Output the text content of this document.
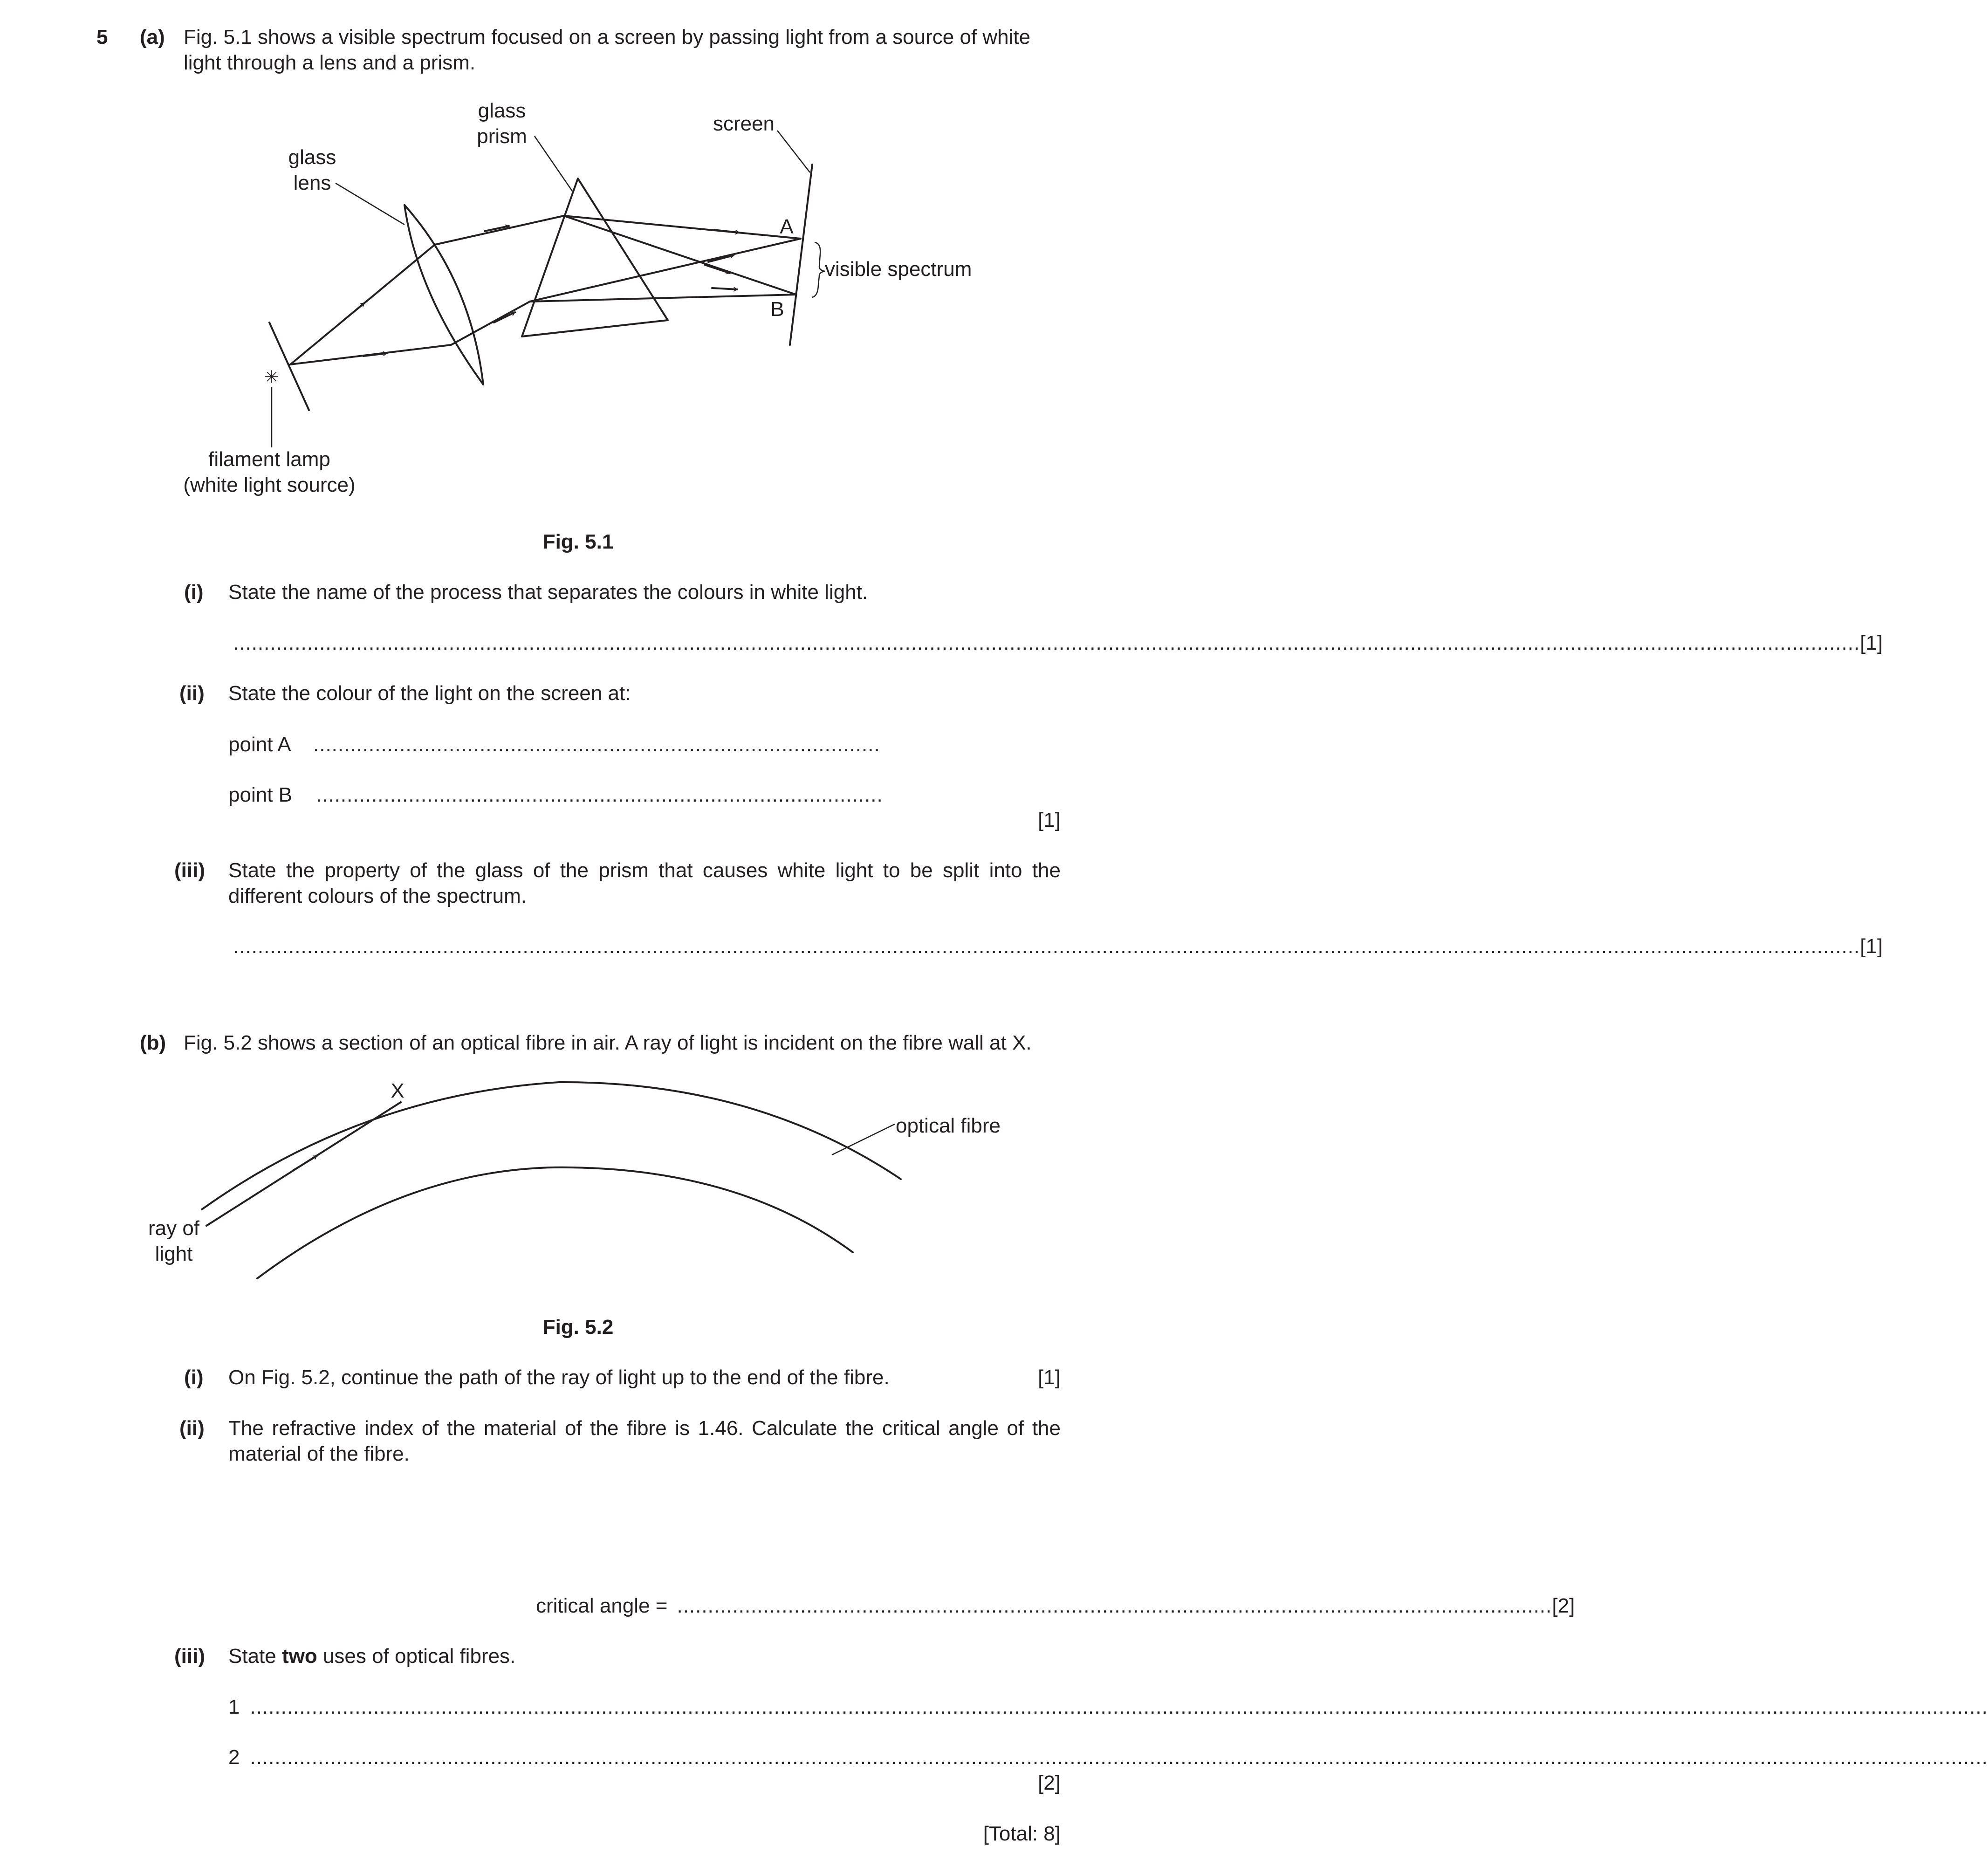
5 (a) Fig. 5.1 shows a visible spectrum focused on a screen by passing light from a source of white
light through a lens and a prism.
glass
prism
screen
glass
lens
A
B
visible spectrum
✳
filament lamp
(white light source)
Fig. 5.1
(i) State the name of the process that separates the colours in white light.
........................................................................................................................................................................................................................................................................ [1]
(ii) State the colour of the light on the screen at:
point A ............................................................................................
point B ............................................................................................
[1]
(iii) State the property of the glass of the prism that causes white light to be split into the
different colours of the spectrum.
........................................................................................................................................................................................................................................................................ [1]
(b) Fig. 5.2 shows a section of an optical fibre in air. A ray of light is incident on the fibre wall at X.
X
optical fibre
ray of
light
Fig. 5.2
(i) On Fig. 5.2, continue the path of the ray of light up to the end of the fibre.	[1]
(ii) The refractive index of the material of the fibre is 1.46. Calculate the critical angle of the
material of the fibre.
critical angle = .............................................................................................................................................. [2]
(iii) State two uses of optical fibres.
1 ..........................................................................................................................................................................................................................................................................................
2 ..........................................................................................................................................................................................................................................................................................
[2]
[Total: 8]
